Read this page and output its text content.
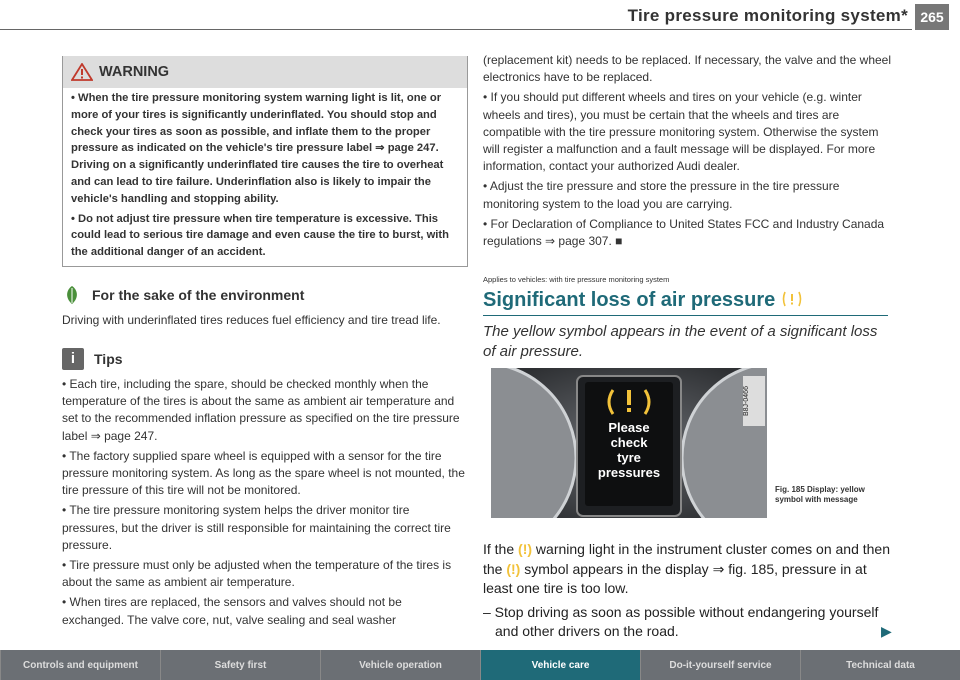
Tire pressure monitoring system* 265
WARNING

• When the tire pressure monitoring system warning light is lit, one or more of your tires is significantly underinflated. You should stop and check your tires as soon as possible, and inflate them to the proper pressure as indicated on the vehicle's tire pressure label ⇒ page 247. Driving on a significantly underinflated tire causes the tire to overheat and can lead to tire failure. Underinflation also is likely to impair the vehicle's handling and stopping ability.

• Do not adjust tire pressure when tire temperature is excessive. This could lead to serious tire damage and even cause the tire to burst, with the additional danger of an accident.

For the sake of the environment

Driving with underinflated tires reduces fuel efficiency and tire tread life.

i	Tips

• Each tire, including the spare, should be checked monthly when the temperature of the tires is about the same as ambient air temperature and set to the recommended inflation pressure as specified on the tire pressure label ⇒ page 247.

• The factory supplied spare wheel is equipped with a sensor for the tire pressure monitoring system. As long as the spare wheel is not mounted, the tire pressure of this tire will not be monitored.

• The tire pressure monitoring system helps the driver monitor tire pressures, but the driver is still responsible for maintaining the correct tire pressure.

• Tire pressure must only be adjusted when the temperature of the tires is about the same as ambient air temperature.

• When tires are replaced, the sensors and valves should not be exchanged. The valve core, nut, valve sealing and seal washer

(replacement kit) needs to be replaced. If necessary, the valve and the wheel electronics have to be replaced.

• If you should put different wheels and tires on your vehicle (e.g. winter wheels and tires), you must be certain that the wheels and tires are compatible with the tire pressure monitoring system. Otherwise the system will register a malfunction and a fault message will be displayed. For more information, contact your authorized Audi dealer.

• Adjust the tire pressure and store the pressure in the tire pressure monitoring system to the load you are carrying.

• For Declaration of Compliance to United States FCC and Industry Canada regulations ⇒ page 307. ■

Applies to vehicles: with tire pressure monitoring system
Significant loss of air pressure
The yellow symbol appears in the event of a significant loss of air pressure.
Please
check
tyre
pressures
B8J-0466
Fig. 185 Display: yellow symbol with message

If the (!) warning light in the instrument cluster comes on and then the (!) symbol appears in the display ⇒ fig. 185, pressure in at least one tire is too low.

– Stop driving as soon as possible without endangering yourself and other drivers on the road.	▶

Controls and equipment	Safety first	Vehicle operation	Vehicle care	Do-it-yourself service	Technical data
